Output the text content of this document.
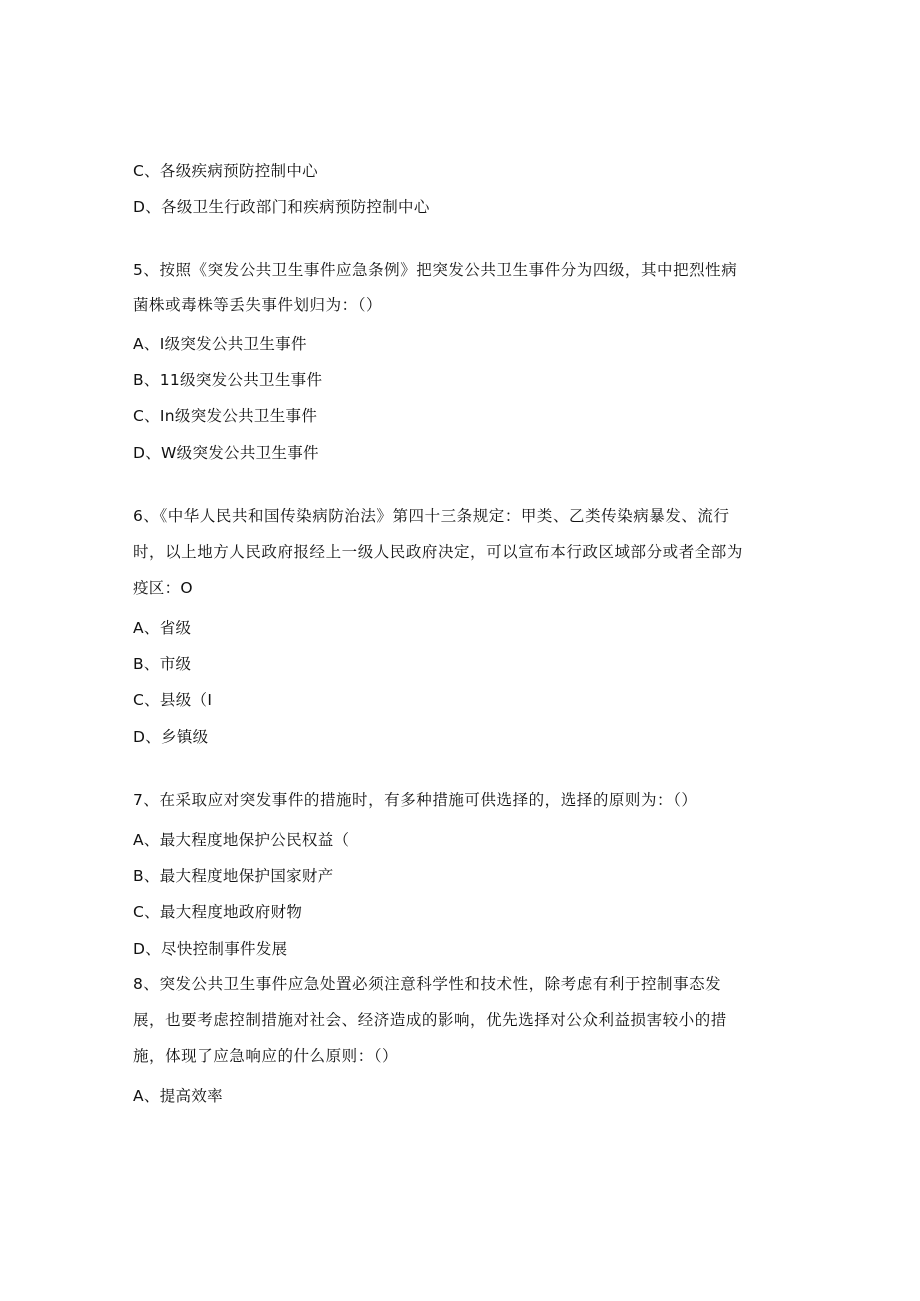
C、各级疾病预防控制中心
D、各级卫生行政部门和疾病预防控制中心
5、按照《突发公共卫生事件应急条例》把突发公共卫生事件分为四级，其中把烈性病
菌株或毒株等丢失事件划归为：（）
A、I级突发公共卫生事件
B、11级突发公共卫生事件
C、In级突发公共卫生事件
D、W级突发公共卫生事件
6、《中华人民共和国传染病防治法》第四十三条规定：甲类、乙类传染病暴发、流行
时，以上地方人民政府报经上一级人民政府决定，可以宣布本行政区域部分或者全部为
疫区：O
A、省级
B、市级
C、县级（I
D、乡镇级
7、在采取应对突发事件的措施时，有多种措施可供选择的，选择的原则为：（）
A、最大程度地保护公民权益（
B、最大程度地保护国家财产
C、最大程度地政府财物
D、尽快控制事件发展
8、突发公共卫生事件应急处置必须注意科学性和技术性，除考虑有利于控制事态发
展，也要考虑控制措施对社会、经济造成的影响，优先选择对公众利益损害较小的措
施，体现了应急响应的什么原则：（）
A、提高效率
